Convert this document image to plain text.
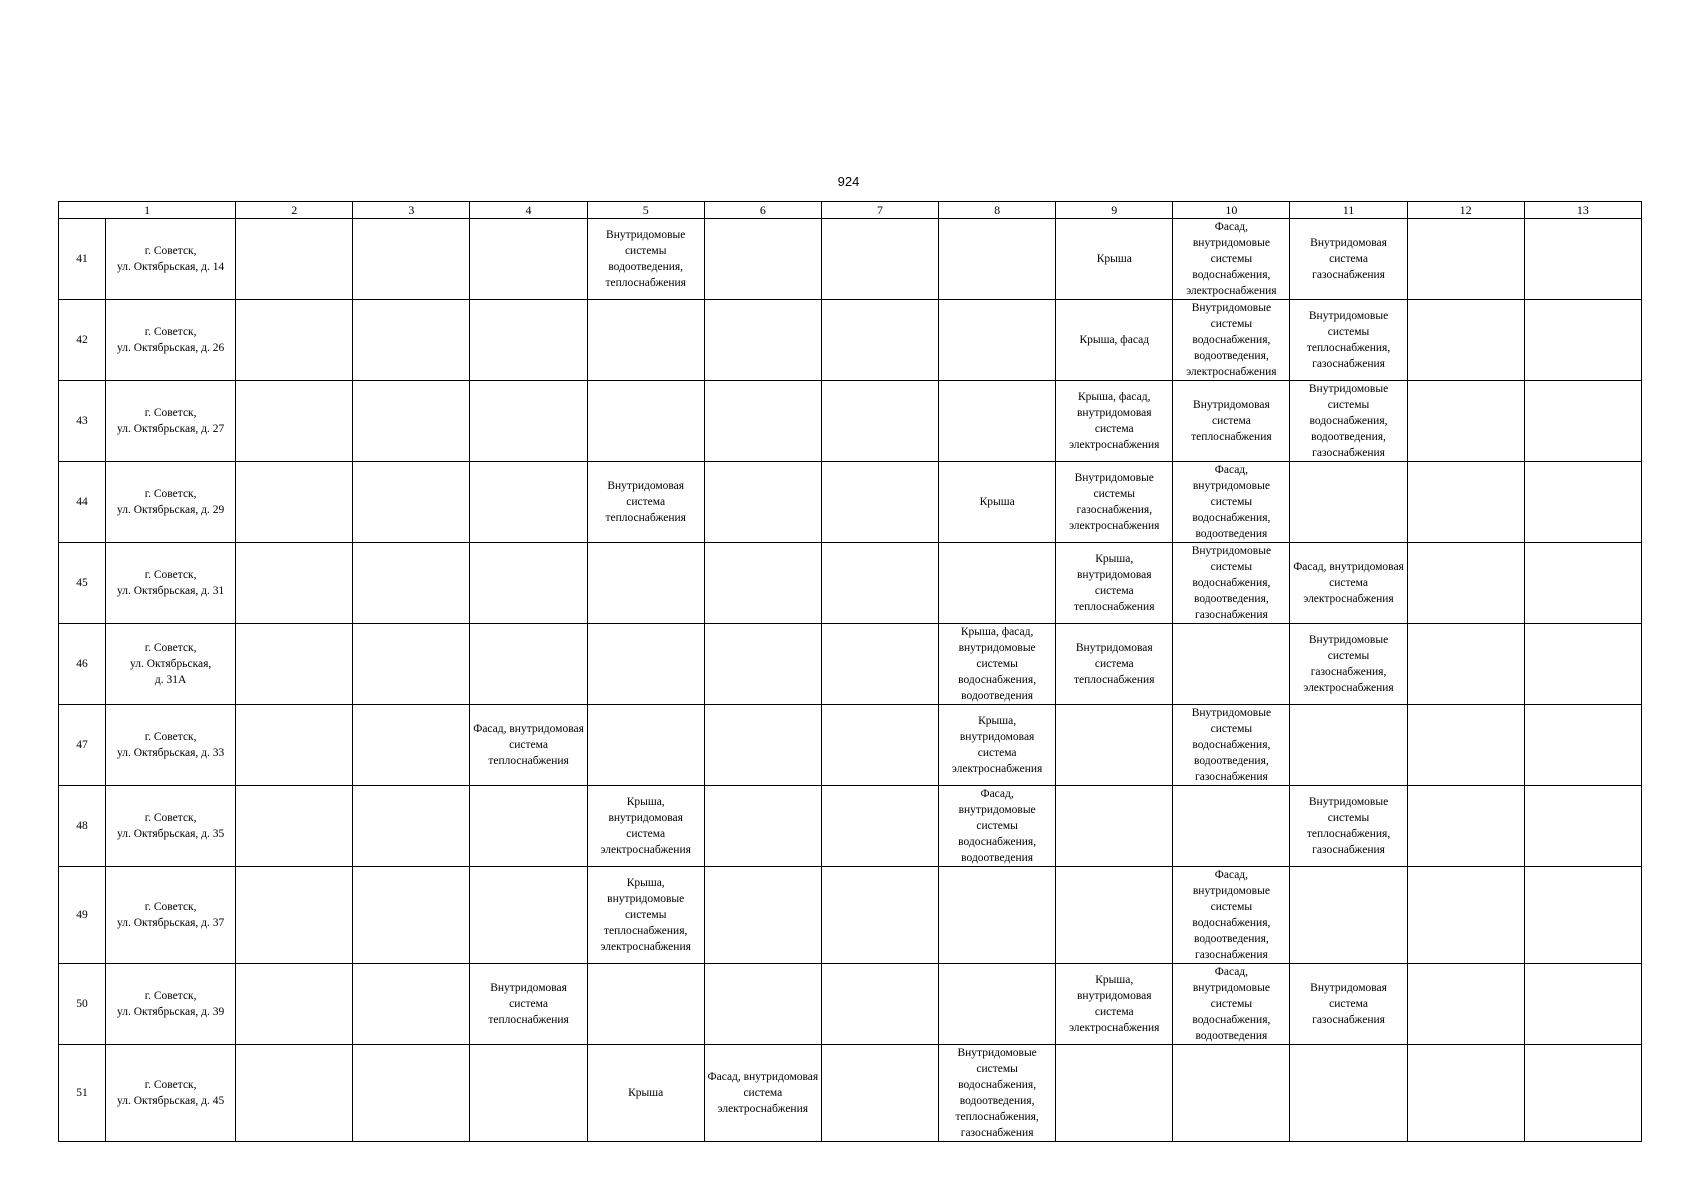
924
1		2	3	4	5	6	7	8	9	10	11	12	13
41	г. Советск,
ул. Октябрьская, д. 14				Внутридомовые системы водоотведения, теплоснабжения				Крыша	Фасад, внутридомовые системы водоснабжения, электроснабжения	Внутридомовая система газоснабжения		
42	г. Советск,
ул. Октябрьская, д. 26								Крыша, фасад	Внутридомовые системы водоснабжения, водоотведения, электроснабжения	Внутридомовые системы теплоснабжения, газоснабжения		
43	г. Советск,
ул. Октябрьская, д. 27								Крыша, фасад, внутридомовая система электроснабжения	Внутридомовая система теплоснабжения	Внутридомовые системы водоснабжения, водоотведения, газоснабжения		
44	г. Советск,
ул. Октябрьская, д. 29				Внутридомовая система теплоснабжения			Крыша	Внутридомовые системы газоснабжения, электроснабжения	Фасад, внутридомовые системы водоснабжения, водоотведения			
45	г. Советск,
ул. Октябрьская, д. 31								Крыша, внутридомовая система теплоснабжения	Внутридомовые системы водоснабжения, водоотведения, газоснабжения	Фасад, внутридомовая система электроснабжения		
46	г. Советск,
ул. Октябрьская,
д. 31А							Крыша, фасад, внутридомовые системы водоснабжения, водоотведения	Внутридомовая система теплоснабжения		Внутридомовые системы газоснабжения, электроснабжения		
47	г. Советск,
ул. Октябрьская, д. 33			Фасад, внутридомовая система теплоснабжения				Крыша, внутридомовая система электроснабжения		Внутридомовые системы водоснабжения, водоотведения, газоснабжения			
48	г. Советск,
ул. Октябрьская, д. 35				Крыша, внутридомовая система электроснабжения			Фасад, внутридомовые системы водоснабжения, водоотведения			Внутридомовые системы теплоснабжения, газоснабжения		
49	г. Советск,
ул. Октябрьская, д. 37				Крыша, внутридомовые системы теплоснабжения, электроснабжения					Фасад, внутридомовые системы водоснабжения, водоотведения, газоснабжения			
50	г. Советск,
ул. Октябрьская, д. 39			Внутридомовая система теплоснабжения					Крыша, внутридомовая система электроснабжения	Фасад, внутридомовые системы водоснабжения, водоотведения	Внутридомовая система газоснабжения		
51	г. Советск,
ул. Октябрьская, д. 45				Крыша	Фасад, внутридомовая система электроснабжения		Внутридомовые системы водоснабжения, водоотведения, теплоснабжения, газоснабжения					
